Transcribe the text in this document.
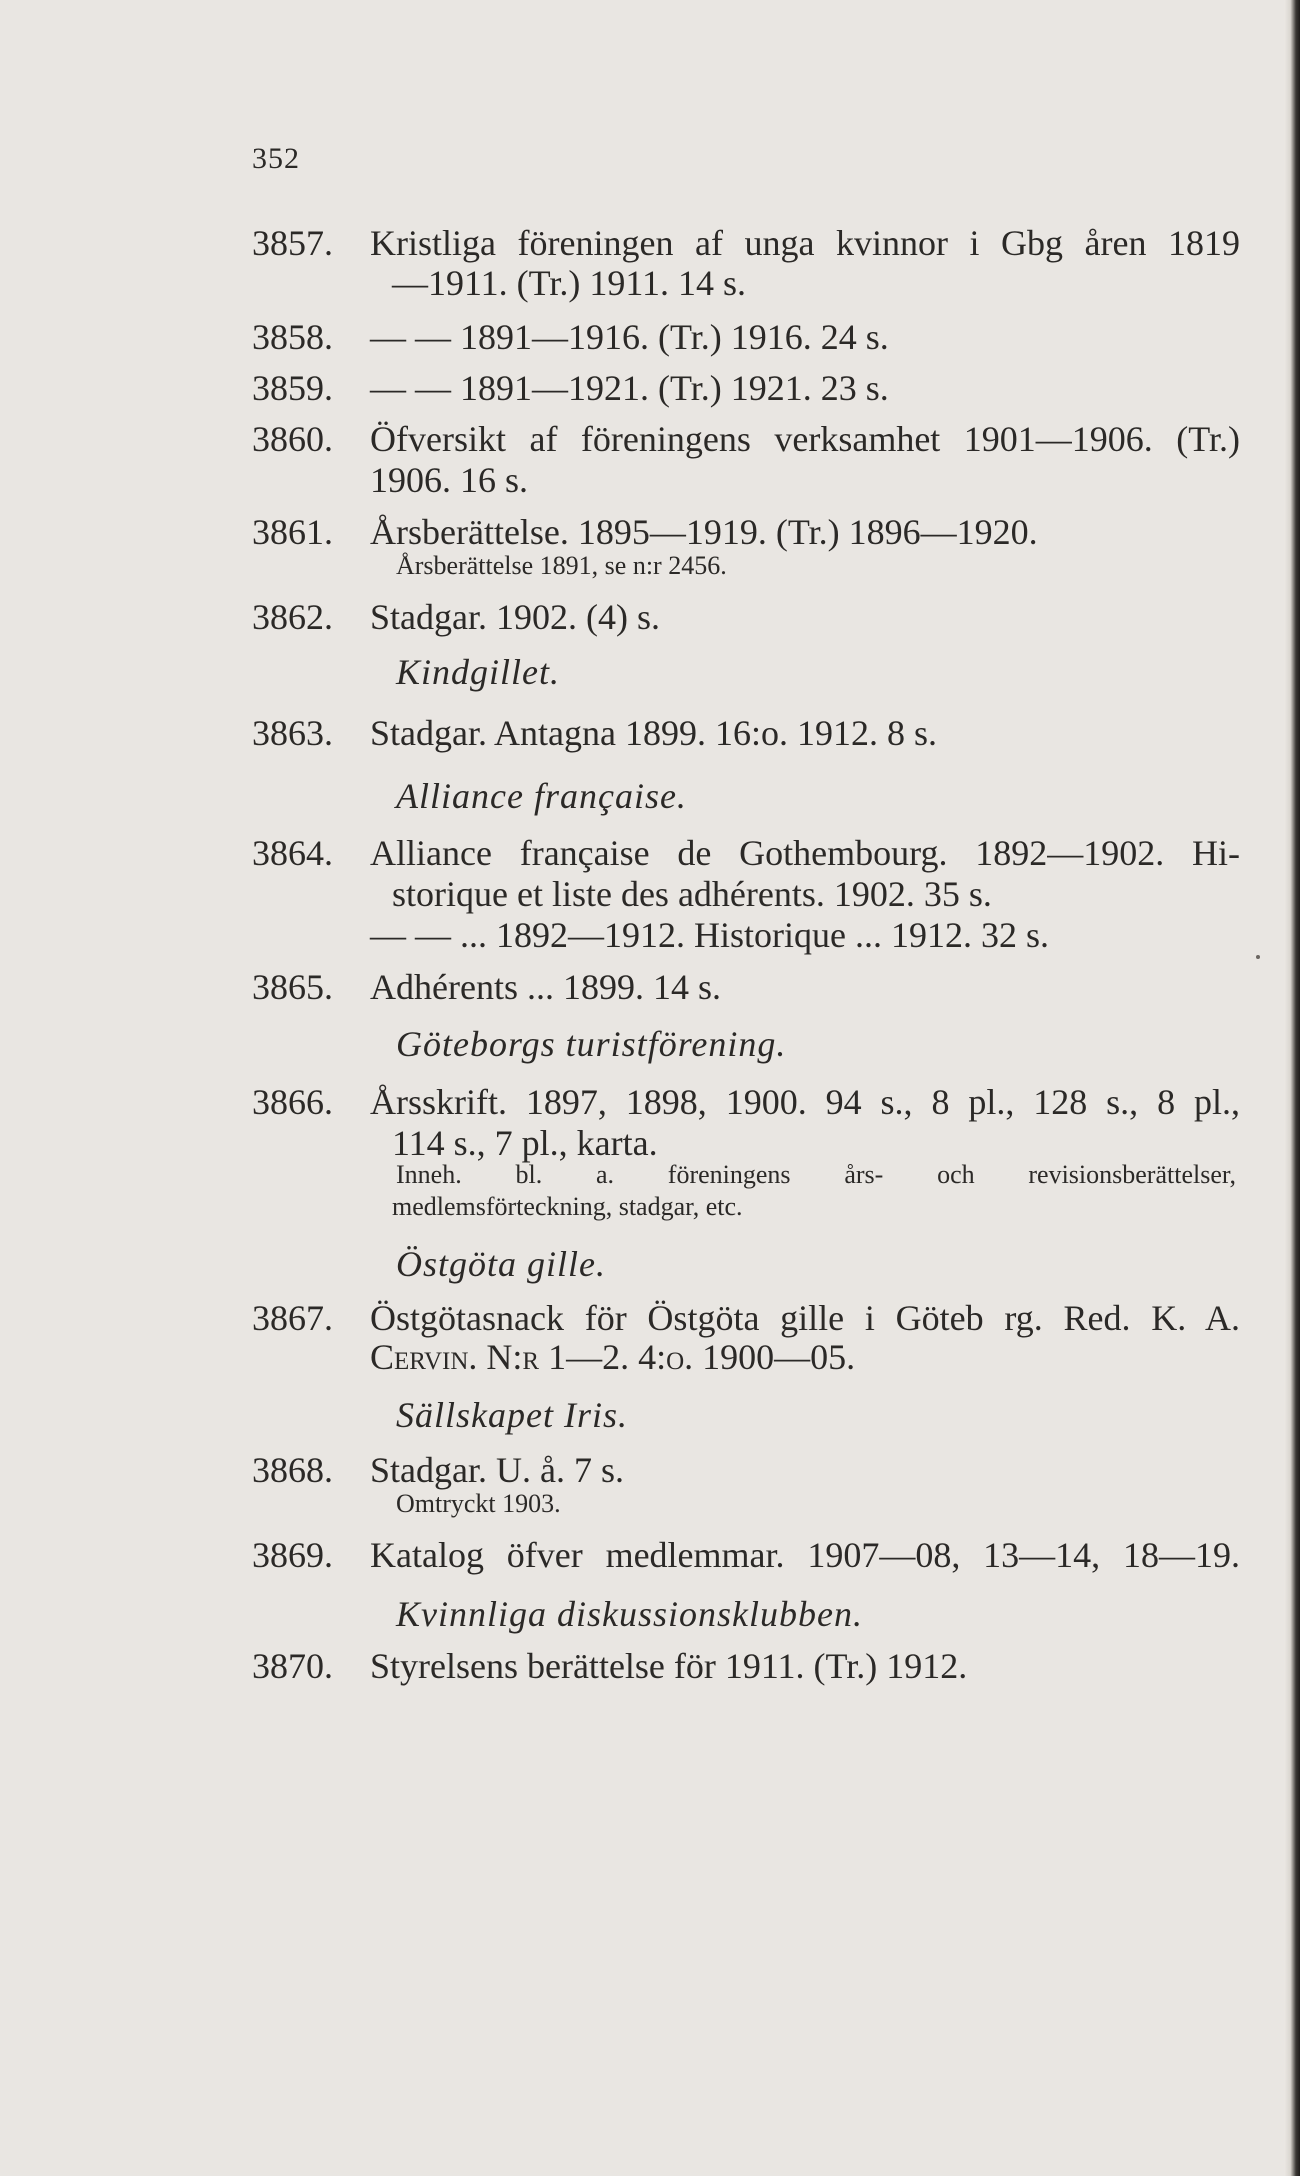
352
3857. Kristliga föreningen af unga kvinnor i Gbg åren 1819
—1911. (Tr.) 1911. 14 s.
3858. — — 1891—1916. (Tr.) 1916. 24 s.
3859. — — 1891—1921. (Tr.) 1921. 23 s.
3860. Öfversikt af föreningens verksamhet 1901—1906. (Tr.)
1906. 16 s.
3861. Årsberättelse. 1895—1919. (Tr.) 1896—1920.
Årsberättelse 1891, se n:r 2456.
3862. Stadgar. 1902. (4) s.
Kindgillet.
3863. Stadgar. Antagna 1899. 16:o. 1912. 8 s.
Alliance française.
3864. Alliance française de Gothembourg. 1892—1902. Hi-
storique et liste des adhérents. 1902. 35 s.
— — ... 1892—1912. Historique ... 1912. 32 s.
3865. Adhérents ... 1899. 14 s.
Göteborgs turistförening.
3866. Årsskrift. 1897, 1898, 1900. 94 s., 8 pl., 128 s., 8 pl.,
114 s., 7 pl., karta.
Inneh. bl. a. föreningens års- och revisionsberättelser,
medlemsförteckning, stadgar, etc.
Östgöta gille.
3867. Östgötasnack för Östgöta gille i Göteb rg. Red. K. A.
Cervin. N:r 1—2. 4:o. 1900—05.
Sällskapet Iris.
3868. Stadgar. U. å. 7 s.
Omtryckt 1903.
3869. Katalog öfver medlemmar. 1907—08, 13—14, 18—19.
Kvinnliga diskussionsklubben.
3870. Styrelsens berättelse för 1911. (Tr.) 1912.
